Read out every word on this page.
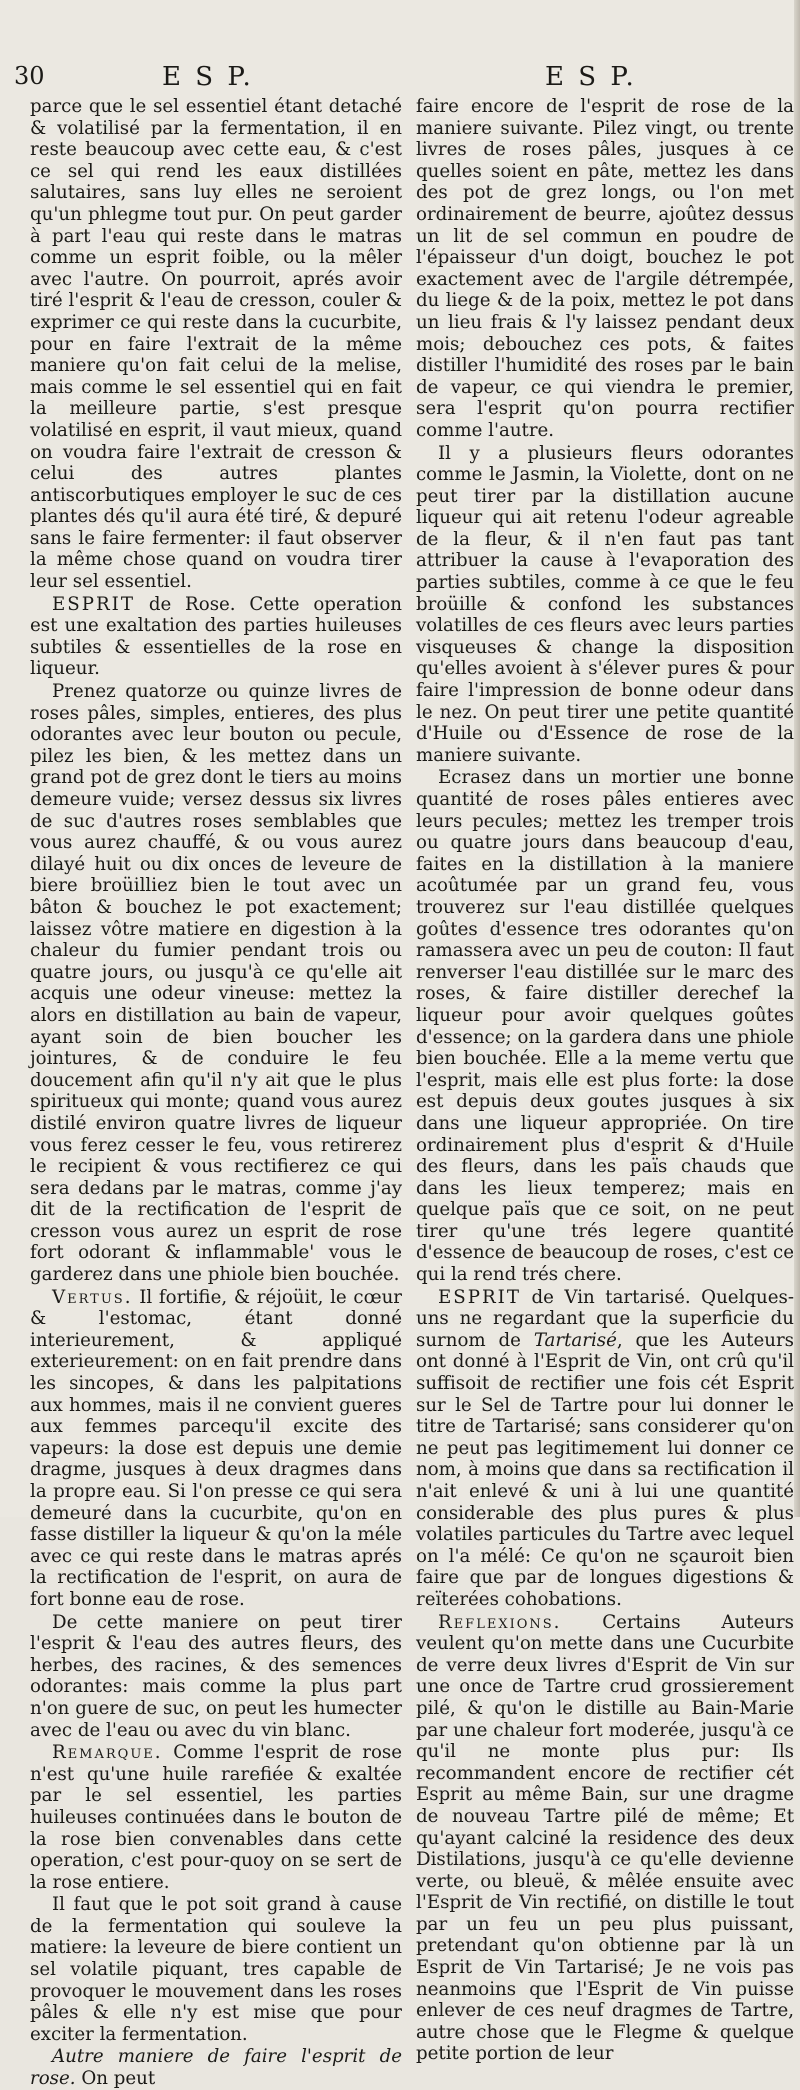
30	E S P.	E S P.

parce que le sel essentiel étant detaché & volatilisé par la fermentation, il en reste beaucoup avec cette eau, & c'est ce sel qui rend les eaux distillées salutaires, sans luy elles ne seroient qu'un phlegme tout pur. On peut garder à part l'eau qui reste dans le matras comme un esprit foible, ou la mêler avec l'autre. On pourroit, aprés avoir tiré l'esprit & l'eau de cresson, couler & exprimer ce qui reste dans la cucurbite, pour en faire l'extrait de la même maniere qu'on fait celui de la melise, mais comme le sel essentiel qui en fait la meilleure partie, s'est presque volatilisé en esprit, il vaut mieux, quand on voudra faire l'extrait de cresson & celui des autres plantes antiscorbutiques employer le suc de ces plantes dés qu'il aura été tiré, & depuré sans le faire fermenter: il faut observer la même chose quand on voudra tirer leur sel essentiel.

ESPRIT de Rose. Cette operation est une exaltation des parties huileuses subtiles & essentielles de la rose en liqueur.

Prenez quatorze ou quinze livres de roses pâles, simples, entieres, des plus odorantes avec leur bouton ou pecule, pilez les bien, & les mettez dans un grand pot de grez dont le tiers au moins demeure vuide; versez dessus six livres de suc d'autres roses semblables que vous aurez chauffé, & ou vous aurez dilayé huit ou dix onces de leveure de biere broüilliez bien le tout avec un bâton & bouchez le pot exactement; laissez vôtre matiere en digestion à la chaleur du fumier pendant trois ou quatre jours, ou jusqu'à ce qu'elle ait acquis une odeur vineuse: mettez la alors en distillation au bain de vapeur, ayant soin de bien boucher les jointures, & de conduire le feu doucement afin qu'il n'y ait que le plus spiritueux qui monte; quand vous aurez distilé environ quatre livres de liqueur vous ferez cesser le feu, vous retirerez le recipient & vous rectifierez ce qui sera dedans par le matras, comme j'ay dit de la rectification de l'esprit de cresson vous aurez un esprit de rose fort odorant & inflammable' vous le garderez dans une phiole bien bouchée.

Vertus. Il fortifie, & réjoüit, le cœur & l'estomac, étant donné interieurement, & appliqué exterieurement: on en fait prendre dans les sincopes, & dans les palpitations aux hommes, mais il ne convient gueres aux femmes parcequ'il excite des vapeurs: la dose est depuis une demie dragme, jusques à deux dragmes dans la propre eau. Si l'on presse ce qui sera demeuré dans la cucurbite, qu'on en fasse distiller la liqueur & qu'on la méle avec ce qui reste dans le matras aprés la rectification de l'esprit, on aura de fort bonne eau de rose.

De cette maniere on peut tirer l'esprit & l'eau des autres fleurs, des herbes, des racines, & des semences odorantes: mais comme la plus part n'on guere de suc, on peut les humecter avec de l'eau ou avec du vin blanc.

Remarque. Comme l'esprit de rose n'est qu'une huile rarefiée & exaltée par le sel essentiel, les parties huileuses continuées dans le bouton de la rose bien convenables dans cette operation, c'est pour-quoy on se sert de la rose entiere.

Il faut que le pot soit grand à cause de la fermentation qui souleve la matiere: la leveure de biere contient un sel volatile piquant, tres capable de provoquer le mouvement dans les roses pâles & elle n'y est mise que pour exciter la fermentation.

Autre maniere de faire l'esprit de rose. On peut

faire encore de l'esprit de rose de la maniere suivante. Pilez vingt, ou trente livres de roses pâles, jusques à ce quelles soient en pâte, mettez les dans des pot de grez longs, ou l'on met ordinairement de beurre, ajoûtez dessus un lit de sel commun en poudre de l'épaisseur d'un doigt, bouchez le pot exactement avec de l'argile détrempée, du liege & de la poix, mettez le pot dans un lieu frais & l'y laissez pendant deux mois; debouchez ces pots, & faites distiller l'humidité des roses par le bain de vapeur, ce qui viendra le premier, sera l'esprit qu'on pourra rectifier comme l'autre.

Il y a plusieurs fleurs odorantes comme le Jasmin, la Violette, dont on ne peut tirer par la distillation aucune liqueur qui ait retenu l'odeur agreable de la fleur, & il n'en faut pas tant attribuer la cause à l'evaporation des parties subtiles, comme à ce que le feu broüille & confond les substances volatilles de ces fleurs avec leurs parties visqueuses & change la disposition qu'elles avoient à s'élever pures & pour faire l'impression de bonne odeur dans le nez. On peut tirer une petite quantité d'Huile ou d'Essence de rose de la maniere suivante.

Ecrasez dans un mortier une bonne quantité de roses pâles entieres avec leurs pecules; mettez les tremper trois ou quatre jours dans beaucoup d'eau, faites en la distillation à la maniere acoûtumée par un grand feu, vous trouverez sur l'eau distillée quelques goûtes d'essence tres odorantes qu'on ramassera avec un peu de couton: Il faut renverser l'eau distillée sur le marc des roses, & faire distiller derechef la liqueur pour avoir quelques goûtes d'essence; on la gardera dans une phiole bien bouchée. Elle a la meme vertu que l'esprit, mais elle est plus forte: la dose est depuis deux goutes jusques à six dans une liqueur appropriée. On tire ordinairement plus d'esprit & d'Huile des fleurs, dans les païs chauds que dans les lieux temperez; mais en quelque païs que ce soit, on ne peut tirer qu'une trés legere quantité d'essence de beaucoup de roses, c'est ce qui la rend trés chere.

ESPRIT de Vin tartarisé. Quelques-uns ne regardant que la superficie du surnom de Tartarisé, que les Auteurs ont donné à l'Esprit de Vin, ont crû qu'il suffisoit de rectifier une fois cét Esprit sur le Sel de Tartre pour lui donner le titre de Tartarisé; sans considerer qu'on ne peut pas legitimement lui donner ce nom, à moins que dans sa rectification il n'ait enlevé & uni à lui une quantité considerable des plus pures & plus volatiles particules du Tartre avec lequel on l'a mélé: Ce qu'on ne sçauroit bien faire que par de longues digestions & reïterées cohobations.

Reflexions. Certains Auteurs veulent qu'on mette dans une Cucurbite de verre deux livres d'Esprit de Vin sur une once de Tartre crud grossierement pilé, & qu'on le distille au Bain-Marie par une chaleur fort moderée, jusqu'à ce qu'il ne monte plus pur: Ils recommandent encore de rectifier cét Esprit au même Bain, sur une dragme de nouveau Tartre pilé de même; Et qu'ayant calciné la residence des deux Distilations, jusqu'à ce qu'elle devienne verte, ou bleuë, & mêlée ensuite avec l'Esprit de Vin rectifié, on distille le tout par un feu un peu plus puissant, pretendant qu'on obtienne par là un Esprit de Vin Tartarisé; Je ne vois pas neanmoins que l'Esprit de Vin puisse enlever de ces neuf dragmes de Tartre, autre chose que le Flegme & quelque petite portion de leur
